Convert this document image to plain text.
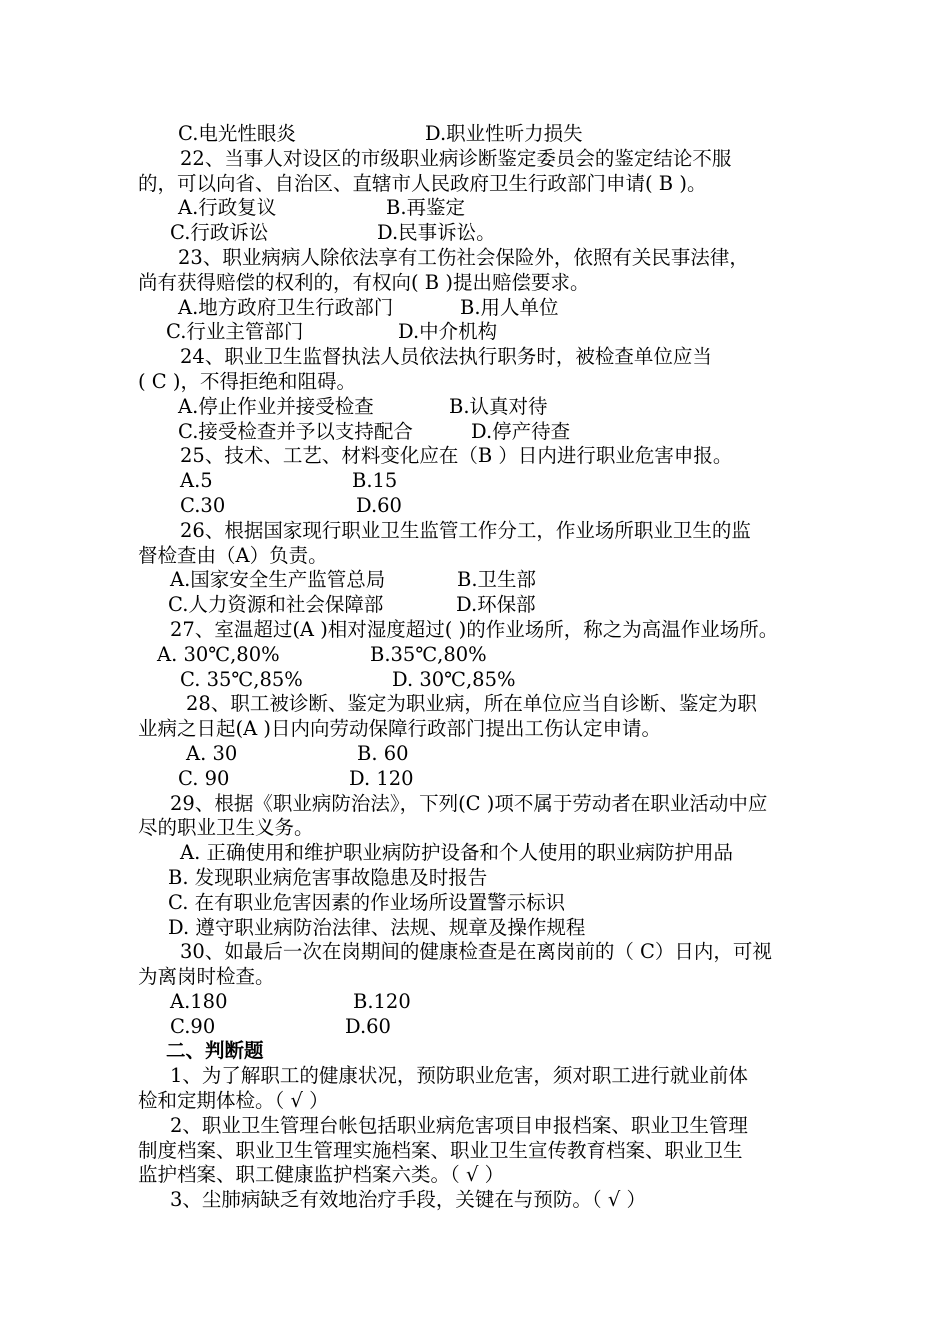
C.电光性眼炎	D.职业性听力损失
22、当事人对设区的市级职业病诊断鉴定委员会的鉴定结论不服
的，可以向省、自治区、直辖市人民政府卫生行政部门申请( B )。
A.行政复议	B.再鉴定
C.行政诉讼	D.民事诉讼。
23、职业病病人除依法享有工伤社会保险外，依照有关民事法律，
尚有获得赔偿的权利的，有权向( B )提出赔偿要求。
A.地方政府卫生行政部门	B.用人单位
C.行业主管部门	D.中介机构
24、职业卫生监督执法人员依法执行职务时，被检查单位应当
( C )，不得拒绝和阻碍。
A.停止作业并接受检查	B.认真对待
C.接受检查并予以支持配合	D.停产待查
25、技术、工艺、材料变化应在（B ）日内进行职业危害申报。
A.5	B.15
C.30	D.60
26、根据国家现行职业卫生监管工作分工，作业场所职业卫生的监
督检查由（A）负责。
A.国家安全生产监管总局	B.卫生部
C.人力资源和社会保障部	D.环保部
27、室温超过(A )相对湿度超过( )的作业场所，称之为高温作业场所。
A. 30℃,80%	B.35℃,80%
C. 35℃,85%	D. 30℃,85%
28、职工被诊断、鉴定为职业病，所在单位应当自诊断、鉴定为职
业病之日起(A )日内向劳动保障行政部门提出工伤认定申请。
A. 30	B. 60
C. 90	D. 120
29、根据《职业病防治法》，下列(C )项不属于劳动者在职业活动中应
尽的职业卫生义务。
A. 正确使用和维护职业病防护设备和个人使用的职业病防护用品
B. 发现职业病危害事故隐患及时报告
C. 在有职业危害因素的作业场所设置警示标识
D. 遵守职业病防治法律、法规、规章及操作规程
30、如最后一次在岗期间的健康检查是在离岗前的（ C）日内，可视
为离岗时检查。
A.180	B.120
C.90	D.60
二、判断题
1、为了解职工的健康状况，预防职业危害，须对职工进行就业前体
检和定期体检。（ √ ）
2、职业卫生管理台帐包括职业病危害项目申报档案、职业卫生管理
制度档案、职业卫生管理实施档案、职业卫生宣传教育档案、职业卫生
监护档案、职工健康监护档案六类。（ √ ）
3、尘肺病缺乏有效地治疗手段，关键在与预防。（ √ ）
